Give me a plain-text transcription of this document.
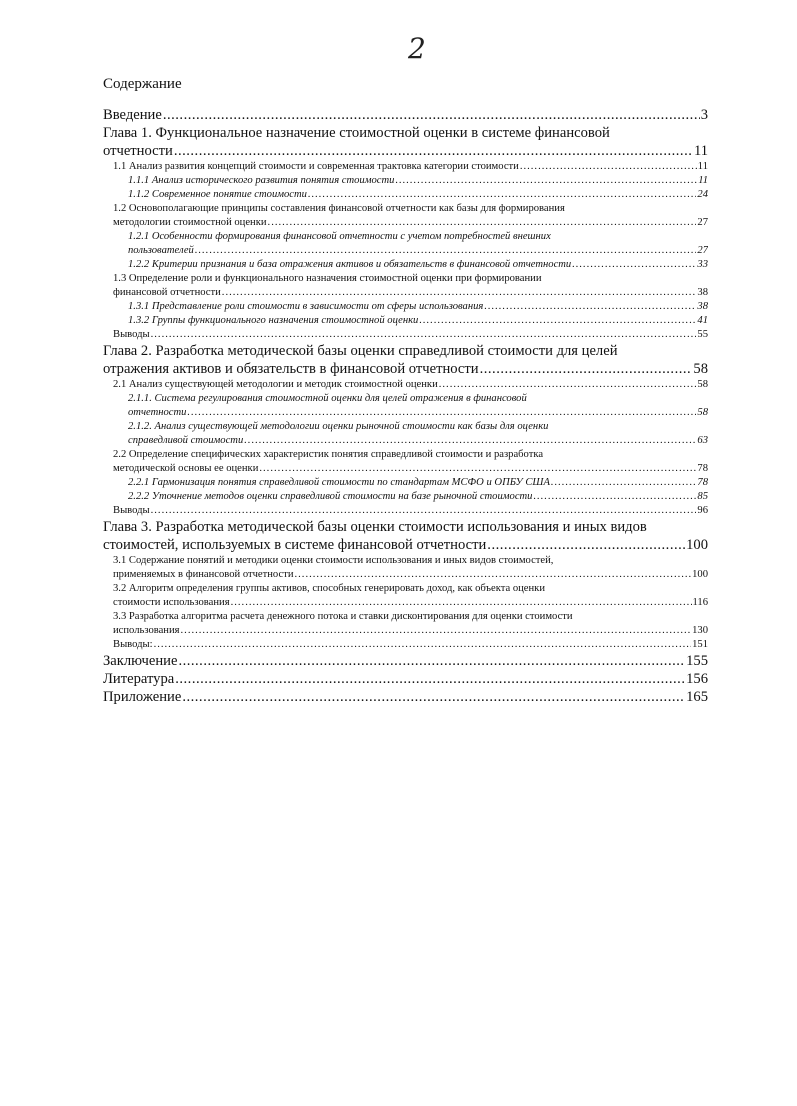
2
Содержание
Введение .....	3
Глава 1. Функциональное назначение стоимостной оценки в системе финансовой
отчетности .....	11
1.1 Анализ развития концепций стоимости и современная трактовка категории стоимости .....	11
1.1.1 Анализ исторического развития понятия стоимости .....	11
1.1.2 Современное понятие стоимости .....	24
1.2 Основополагающие принципы составления финансовой отчетности как базы для формирования
методологии стоимостной оценки .....	27
1.2.1 Особенности формирования финансовой отчетности с учетом потребностей внешних
пользователей .....	27
1.2.2 Критерии признания и база отражения активов и обязательств в финансовой отчетности .....	33
1.3 Определение роли и функционального назначения стоимостной оценки при формировании
финансовой отчетности .....	38
1.3.1 Представление роли стоимости в зависимости от сферы использования .....	38
1.3.2 Группы функционального назначения стоимостной оценки .....	41
Выводы .....	55
Глава 2. Разработка методической базы оценки справедливой стоимости для целей
отражения активов и обязательств в финансовой отчетности .....	58
2.1 Анализ существующей методологии и методик стоимостной оценки .....	58
2.1.1. Система регулирования стоимостной оценки для целей отражения в финансовой
отчетности .....	58
2.1.2. Анализ существующей методологии оценки рыночной стоимости как базы для оценки
справедливой стоимости .....	63
2.2 Определение специфических характеристик понятия справедливой стоимости и разработка
методической основы ее оценки .....	78
2.2.1 Гармонизация понятия справедливой стоимости по стандартам МСФО и ОПБУ США .....	78
2.2.2 Уточнение методов оценки справедливой стоимости на базе рыночной стоимости .....	85
Выводы .....	96
Глава 3. Разработка методической базы оценки стоимости использования и иных видов
стоимостей, используемых в системе финансовой отчетности .....	100
3.1 Содержание понятий и методики оценки стоимости использования и иных видов стоимостей,
применяемых в финансовой отчетности .....	100
3.2 Алгоритм определения группы активов, способных генерировать доход, как объекта оценки
стоимости использования .....	116
3.3 Разработка алгоритма расчета денежного потока и ставки дисконтирования для оценки стоимости
использования .....	130
Выводы: .....	151
Заключение .....	155
Литература .....	156
Приложение .....	165
